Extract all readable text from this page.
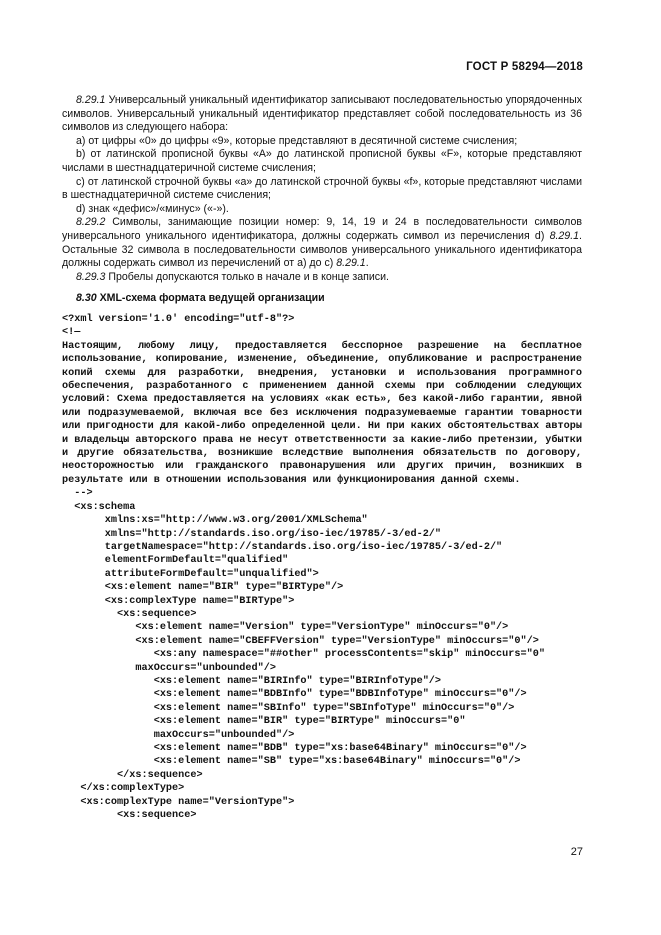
ГОСТ Р 58294—2018

8.29.1 Универсальный уникальный идентификатор записывают последовательностью упорядоченных символов. Универсальный уникальный идентификатор представляет собой последовательность из 36 символов из следующего набора:

а) от цифры «0» до цифры «9», которые представляют в десятичной системе счисления;

b) от латинской прописной буквы «А» до латинской прописной буквы «F», которые представляют числами в шестнадцатеричной системе счисления;

с) от латинской строчной буквы «а» до латинской строчной буквы «f», которые представляют числами в шестнадцатеричной системе счисления;

d) знак «дефис»/«минус» («-»).

8.29.2 Символы, занимающие позиции номер: 9, 14, 19 и 24 в последовательности символов универсального уникального идентификатора, должны содержать символ из перечисления d) 8.29.1. Остальные 32 символа в последовательности символов универсального уникального идентификатора должны содержать символ из перечислений от а) до с) 8.29.1.

8.29.3 Пробелы допускаются только в начале и в конце записи.

8.30 XML-схема формата ведущей организации

<?xml version='1.0' encoding="utf-8"?>

<!—

Настоящим, любому лицу, предоставляется бесспорное разрешение на бесплатное использование, копирование, изменение, объединение, опубликование и распространение копий схемы для разработки, внедрения, установки и использования программного обеспечения, разработанного с применением данной схемы при соблюдении следующих условий: Схема предоставляется на условиях «как есть», без какой-либо гарантии, явной или подразумеваемой, включая все без исключения подразумеваемые гарантии товарности или пригодности для какой-либо определенной цели. Ни при каких обстоятельствах авторы и владельцы авторского права не несут ответственности за какие-либо претензии, убытки и другие обязательства, возникшие вследствие выполнения обязательств по договору, неосторожностью или гражданского правонарушения или других причин, возникших в результате или в отношении использования или функционирования данной схемы.

-->

<xs:schema

xmlns:xs="http://www.w3.org/2001/XMLSchema"

xmlns="http://standards.iso.org/iso-iec/19785/-3/ed-2/"

targetNamespace="http://standards.iso.org/iso-iec/19785/-3/ed-2/"

elementFormDefault="qualified"

attributeFormDefault="unqualified">

<xs:element name="BIR" type="BIRType"/>

<xs:complexType name="BIRType">

<xs:sequence>

<xs:element name="Version" type="VersionType" minOccurs="0"/>

<xs:element name="CBEFFVersion" type="VersionType" minOccurs="0"/>

<xs:any namespace="##other" processContents="skip" minOccurs="0"

maxOccurs="unbounded"/>

<xs:element name="BIRInfo" type="BIRInfoType"/>

<xs:element name="BDBInfo" type="BDBInfoType" minOccurs="0"/>

<xs:element name="SBInfo" type="SBInfoType" minOccurs="0"/>

<xs:element name="BIR" type="BIRType" minOccurs="0"

maxOccurs="unbounded"/>

<xs:element name="BDB" type="xs:base64Binary" minOccurs="0"/>

<xs:element name="SB" type="xs:base64Binary" minOccurs="0"/>

</xs:sequence>

</xs:complexType>

<xs:complexType name="VersionType">

<xs:sequence>

27
